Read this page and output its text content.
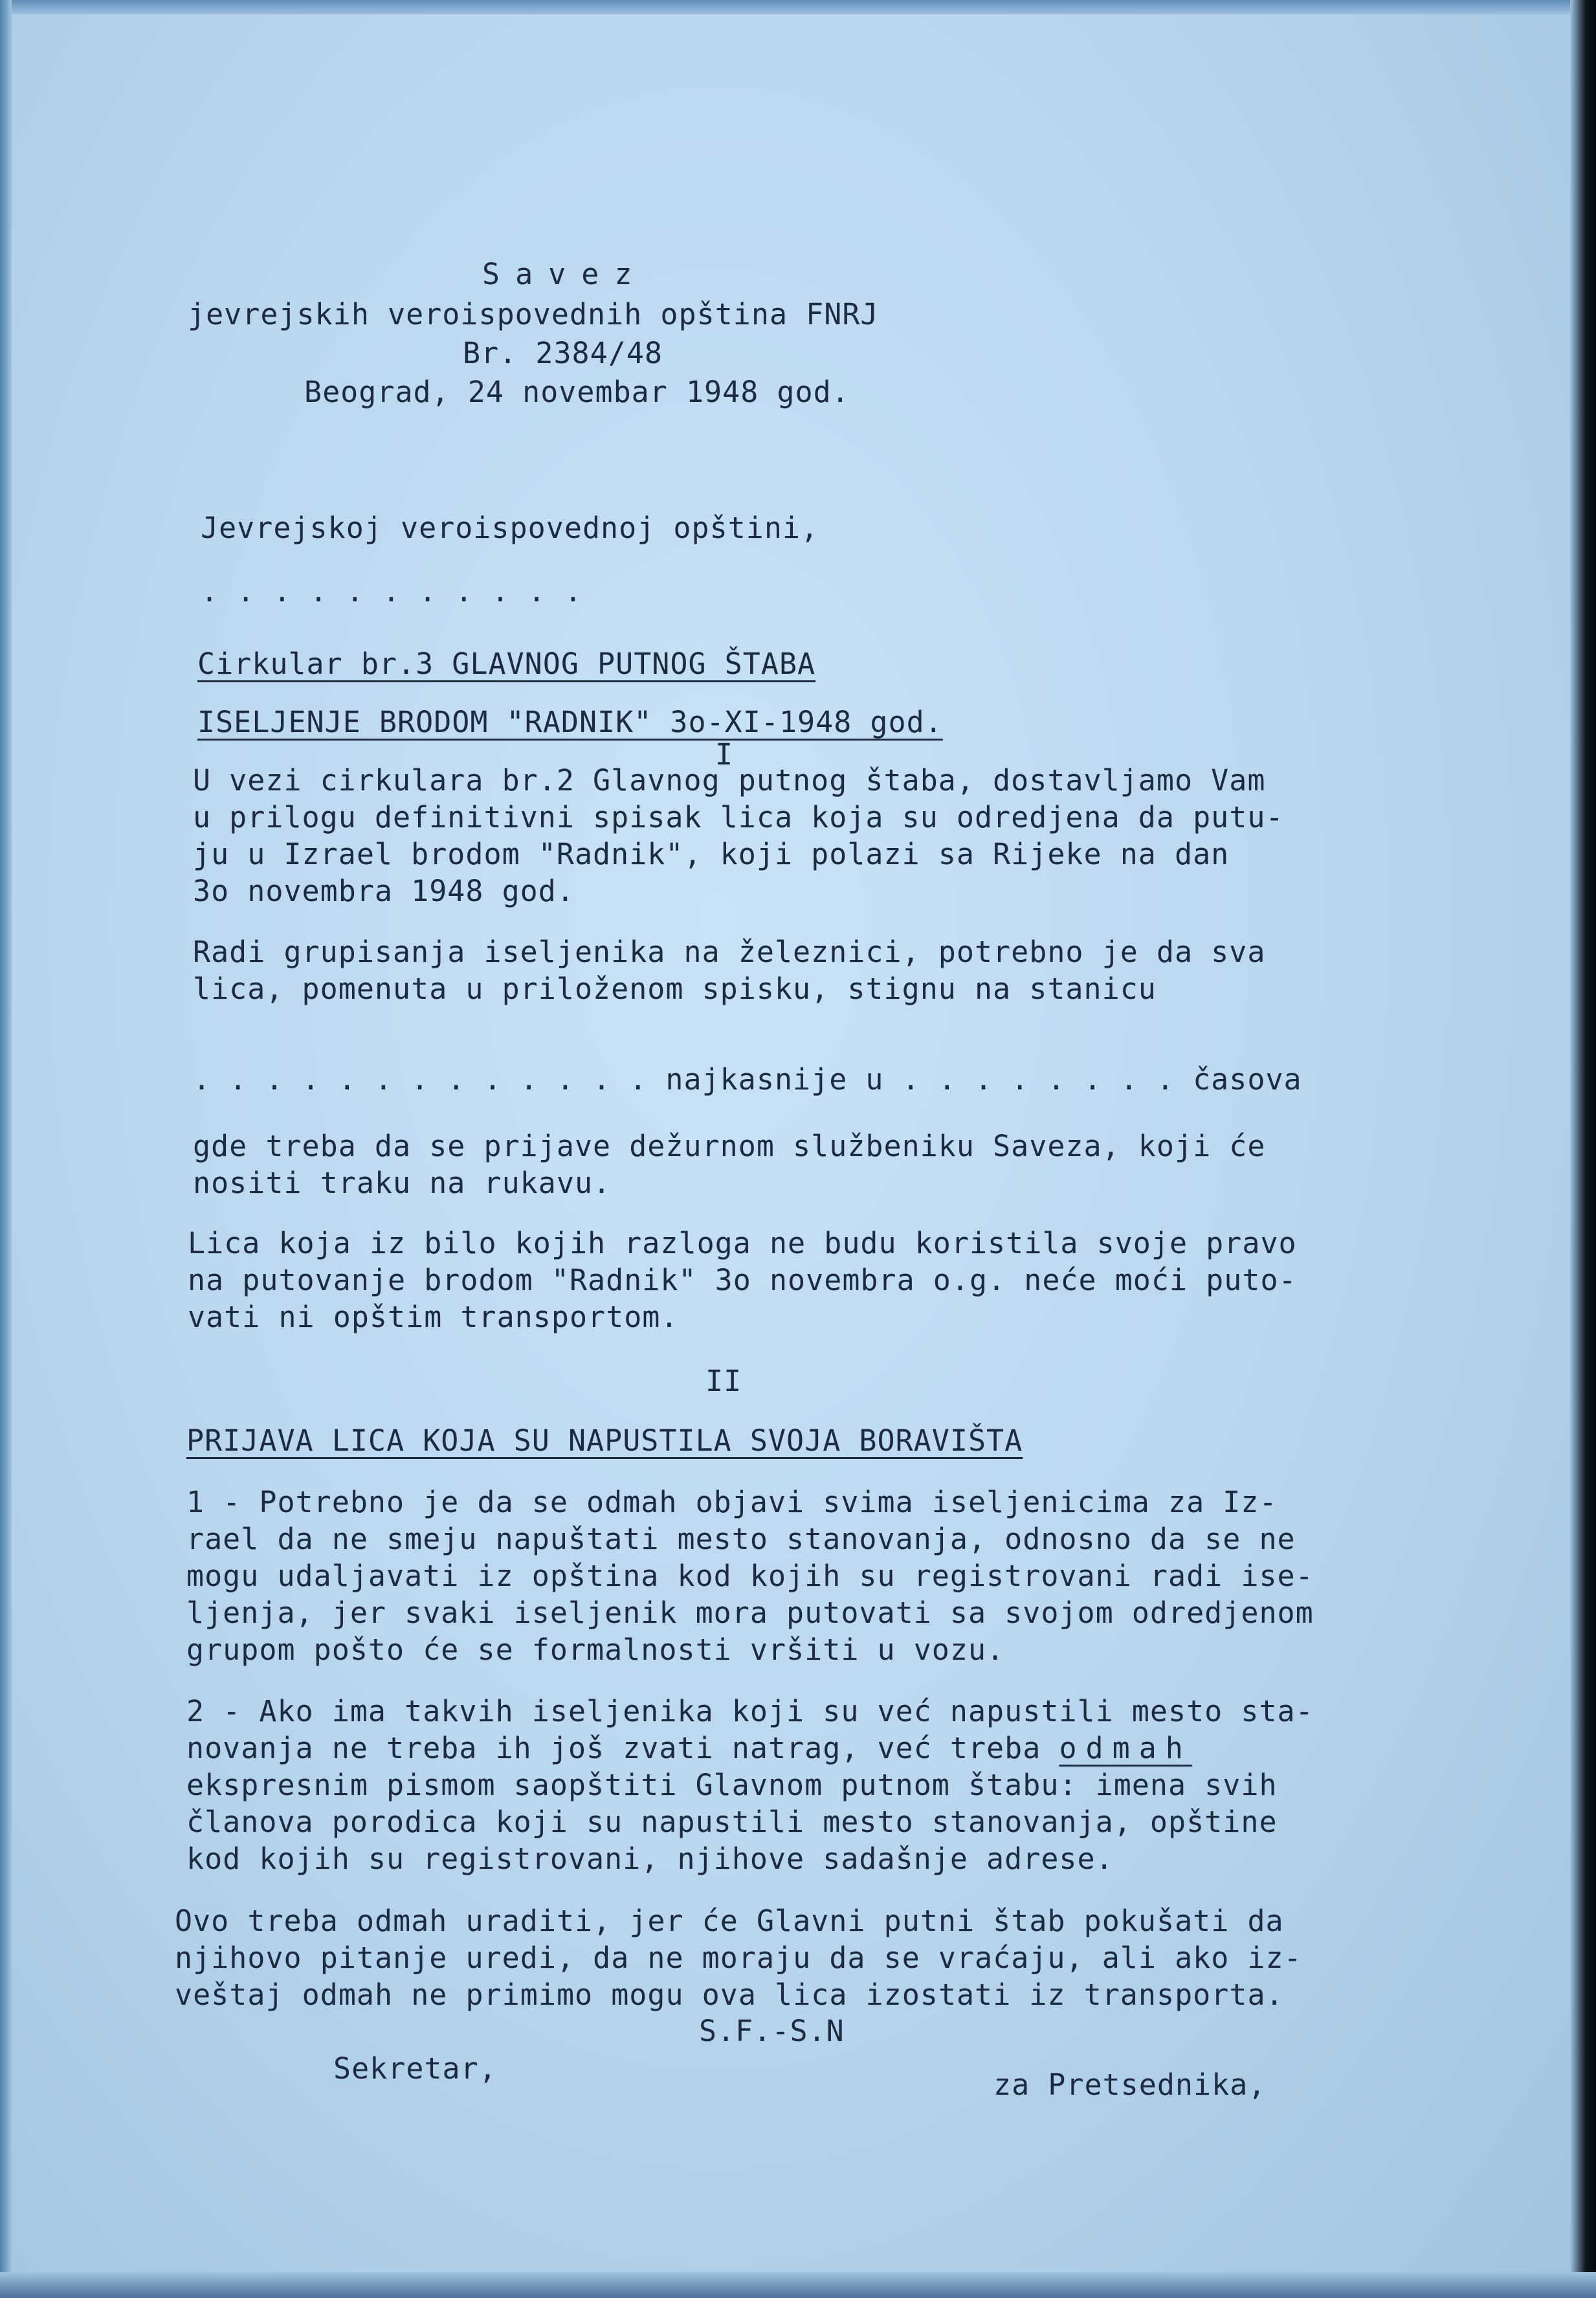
Savez
jevrejskih veroispovednih opština FNRJ
Br. 2384/48
Beograd, 24 novembar 1948 god.
Jevrejskoj veroispovednoj opštini,
. . . . . . . . . . .
Cirkular br.3 GLAVNOG PUTNOG ŠTABA
ISELJENJE BRODOM "RADNIK" 3o-XI-1948 god.
I
U vezi cirkulara br.2 Glavnog putnog štaba, dostavljamo Vam
u prilogu definitivni spisak lica koja su odredjena da putu-
ju u Izrael brodom "Radnik", koji polazi sa Rijeke na dan
3o novembra 1948 god.
Radi grupisanja iseljenika na železnici, potrebno je da sva
lica, pomenuta u priloženom spisku, stignu na stanicu
. . . . . . . . . . . . . najkasnije u . . . . . . . . časova
gde treba da se prijave dežurnom službeniku Saveza, koji će
nositi traku na rukavu.
Lica koja iz bilo kojih razloga ne budu koristila svoje pravo
na putovanje brodom "Radnik" 3o novembra o.g. neće moći puto-
vati ni opštim transportom.
II
PRIJAVA LICA KOJA SU NAPUSTILA SVOJA BORAVIŠTA
1 - Potrebno je da se odmah objavi svima iseljenicima za Iz-
rael da ne smeju napuštati mesto stanovanja, odnosno da se ne
mogu udaljavati iz opština kod kojih su registrovani radi ise-
ljenja, jer svaki iseljenik mora putovati sa svojom odredjenom
grupom pošto će se formalnosti vršiti u vozu.
2 - Ako ima takvih iseljenika koji su već napustili mesto sta-
novanja ne treba ih još zvati natrag, već treba odmah
ekspresnim pismom saopštiti Glavnom putnom štabu: imena svih
članova porodica koji su napustili mesto stanovanja, opštine
kod kojih su registrovani, njihove sadašnje adrese.
Ovo treba odmah uraditi, jer će Glavni putni štab pokušati da
njihovo pitanje uredi, da ne moraju da se vraćaju, ali ako iz-
veštaj odmah ne primimo mogu ova lica izostati iz transporta.
S.F.-S.N
Sekretar,	za Pretsednika,
